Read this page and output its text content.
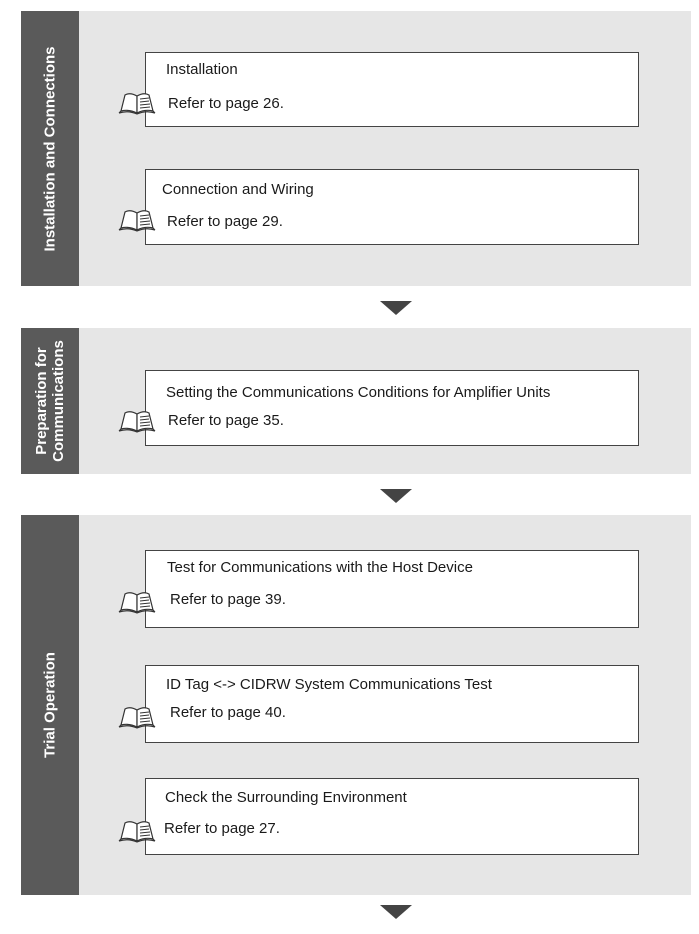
Installation and Connections	Installation
Refer to page 26.
Connection and Wiring
Refer to page 29.
Preparation for
Communications	Setting the Communications Conditions for Amplifier Units
Refer to page 35.
Trial Operation
Test for Communications with the Host Device
Refer to page 39.
ID Tag <-> CIDRW System Communications Test
Refer to page 40.
Check the Surrounding Environment
Refer to page 27.
